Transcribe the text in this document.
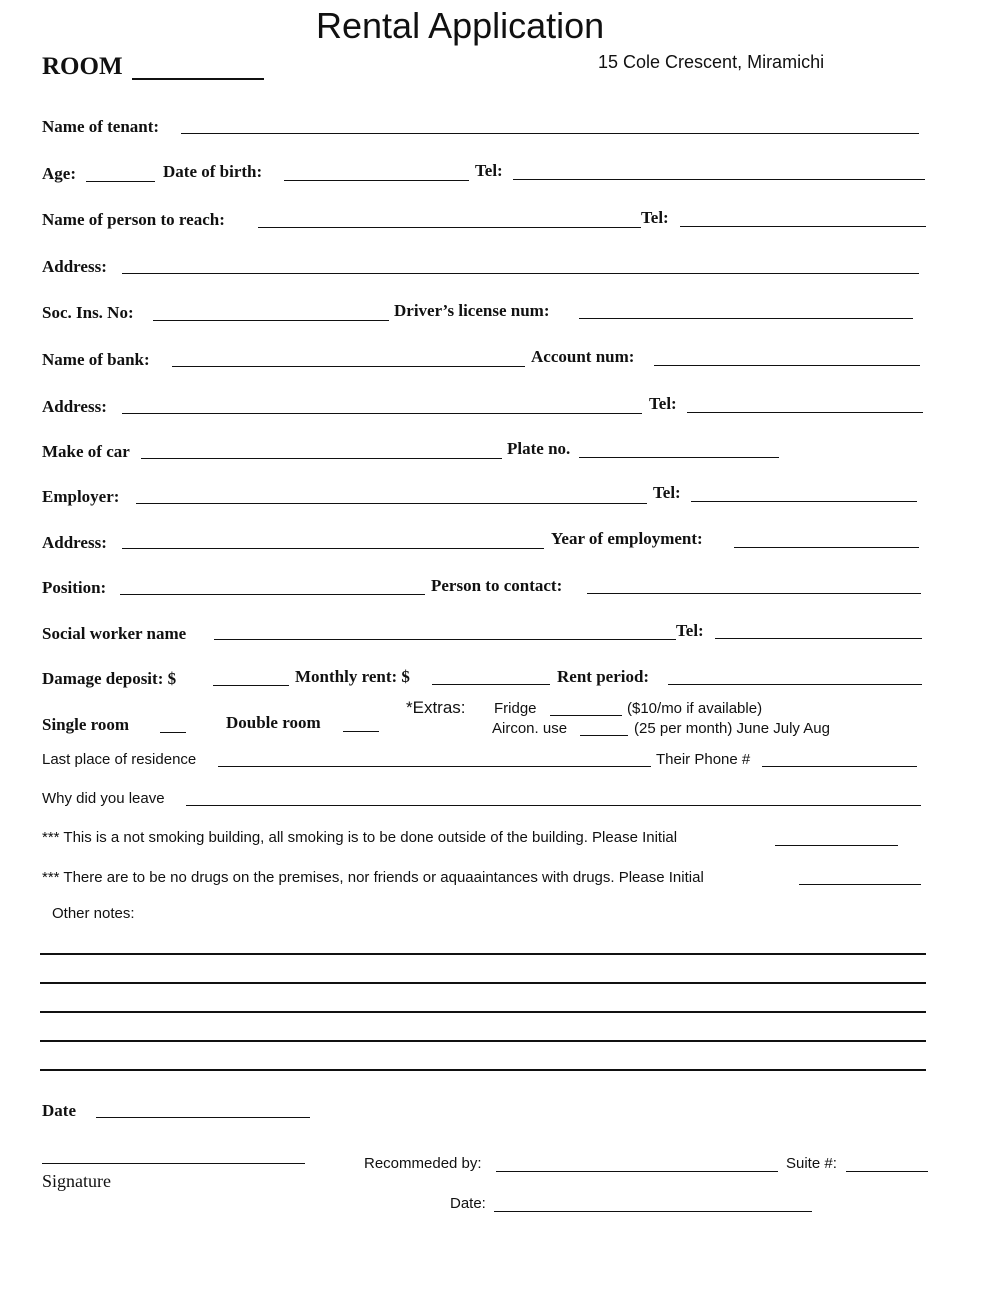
Rental Application
ROOM	15 Cole Crescent, Miramichi
Name of tenant:
Age:	Date of birth:	Tel:
Name of person to reach:	Tel:
Address:
Soc. Ins. No:	Driver’s license num:
Name of bank:	Account num:
Address:	Tel:
Make of car	Plate no.
Employer:	Tel:
Address:	Year of employment:
Position:	Person to contact:
Social worker name	Tel:
Damage deposit: $	Monthly rent: $	Rent period:
Single room	Double room
*Extras: Fridge	($10/mo if available)
Aircon. use	(25 per month) June July Aug
Last place of residence	Their Phone #
Why did you leave
*** This is a not smoking building, all smoking is to be done outside of the building. Please Initial
*** There are to be no drugs on the premises, nor friends or aquaaintances with drugs. Please Initial
Other notes:
Date
Signature
Recommeded by:	Suite #:
Date:
